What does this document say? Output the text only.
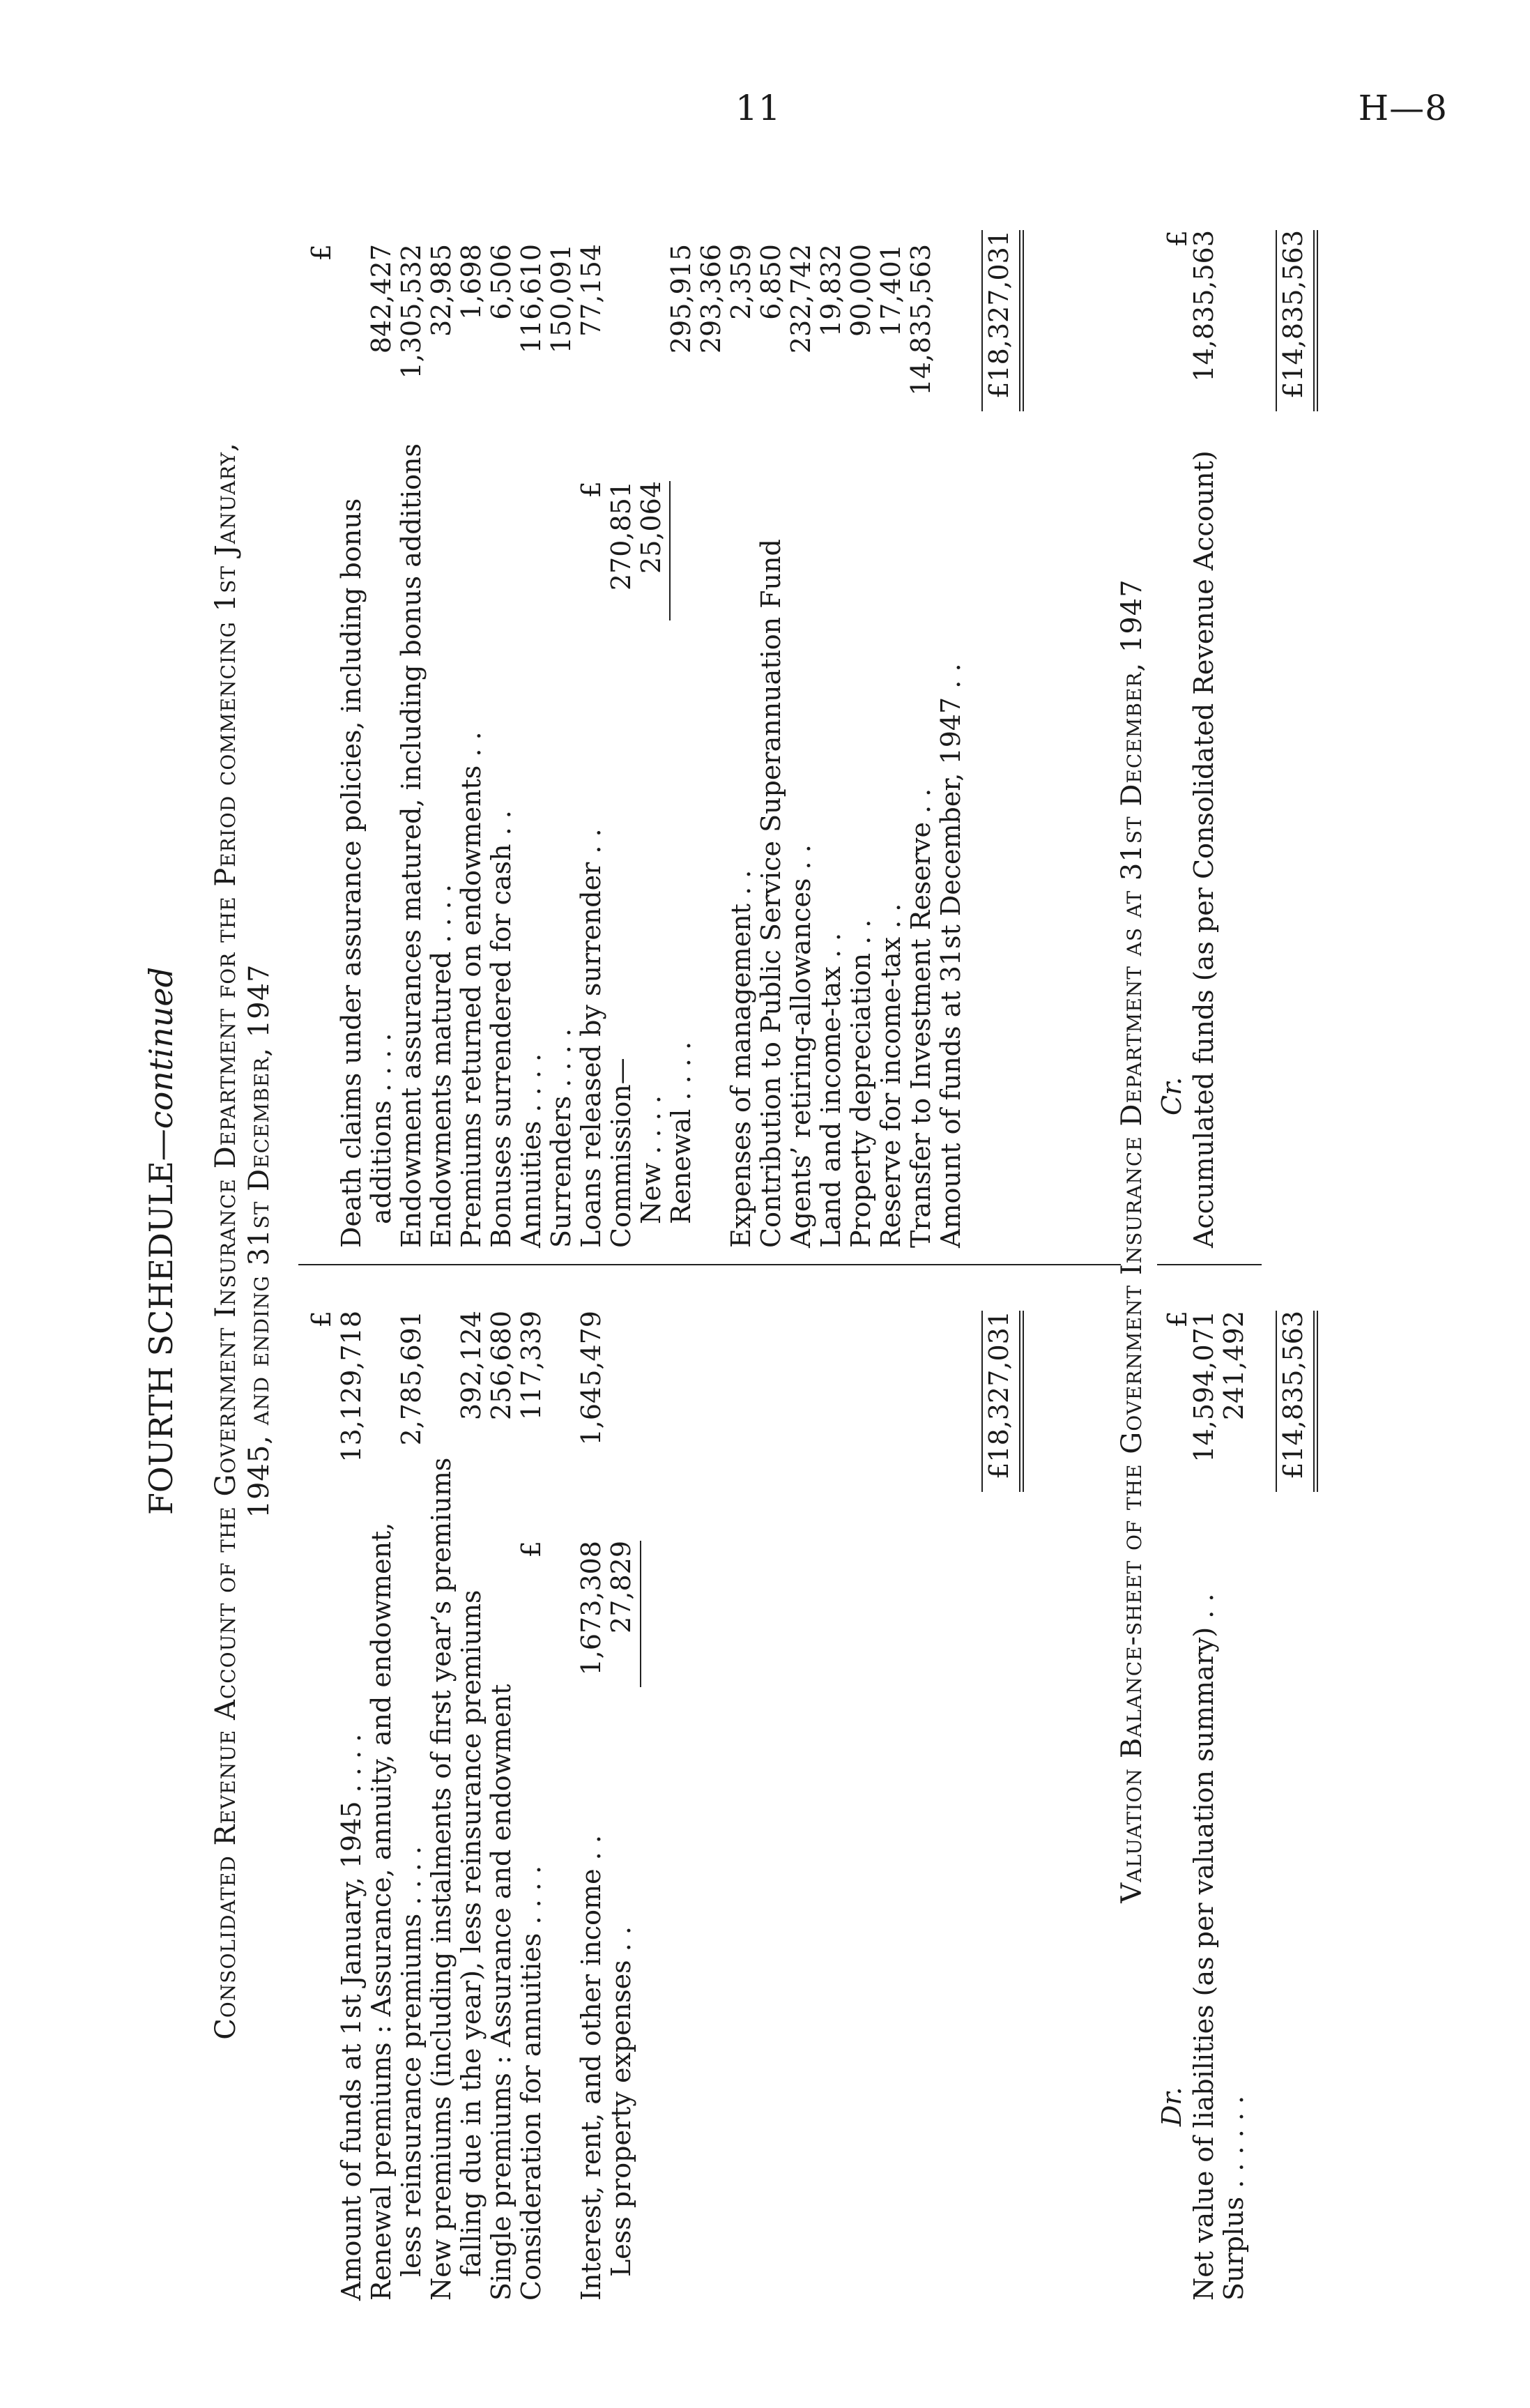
11	H—8
FOURTH SCHEDULE—continued Consolidated Revenue Account of the Government Insurance Department for the Period commencing 1st January, 1945, and ending 31st December, 1947 £
£
Amount of funds at 1st January, 1945 . . . .
13,129,718
Renewal premiums : Assurance, annuity, and endowment, less reinsurance premiums . . . .
2,785,691
New premiums (including instalments of first year’s premiums falling due in the year), less reinsurance premiums
392,124
Single premiums : Assurance and endowment
256,680
Consideration for annuities . . . .
117,339
Interest, rent, and other income . .
1,673,308
Less property expenses . .
27,829
1,645,479
£
£
Death claims under assurance policies, including bonus additions . . . .
842,427
Endowment assurances matured, including bonus additions
1,305,532
Endowments matured . . . .
32,985
Premiums returned on endowments . .
1,698
Bonuses surrendered for cash . .
6,506
Annuities . . . .
116,610
Surrenders . . . .
150,091
Loans released by surrender . .
77,154
Commission— New . . . .
270,851
Renewal . . . .
25,064
Expenses of management . .
295,915
Contribution to Public Service Superannuation Fund
293,366
Agents’ retiring-allowances . .
2,359
Land and income-tax . .
6,850
Property depreciation . .
232,742
Reserve for income-tax . .
19,832
Transfer to Investment Reserve . .
90,000
Amount of funds at 31st December, 1947 . .
17,401 14,835,563
£18,327,031
£18,327,031
Valuation Balance-sheet of the Government Insurance Department as at 31st December, 1947
Dr.
Cr.
£
£
Net value of liabilities (as per valuation summary) . .
14,594,071
Surplus . . . . . .
241,492
Accumulated funds (as per Consolidated Revenue Account)
14,835,563
£14,835,563
£14,835,563
